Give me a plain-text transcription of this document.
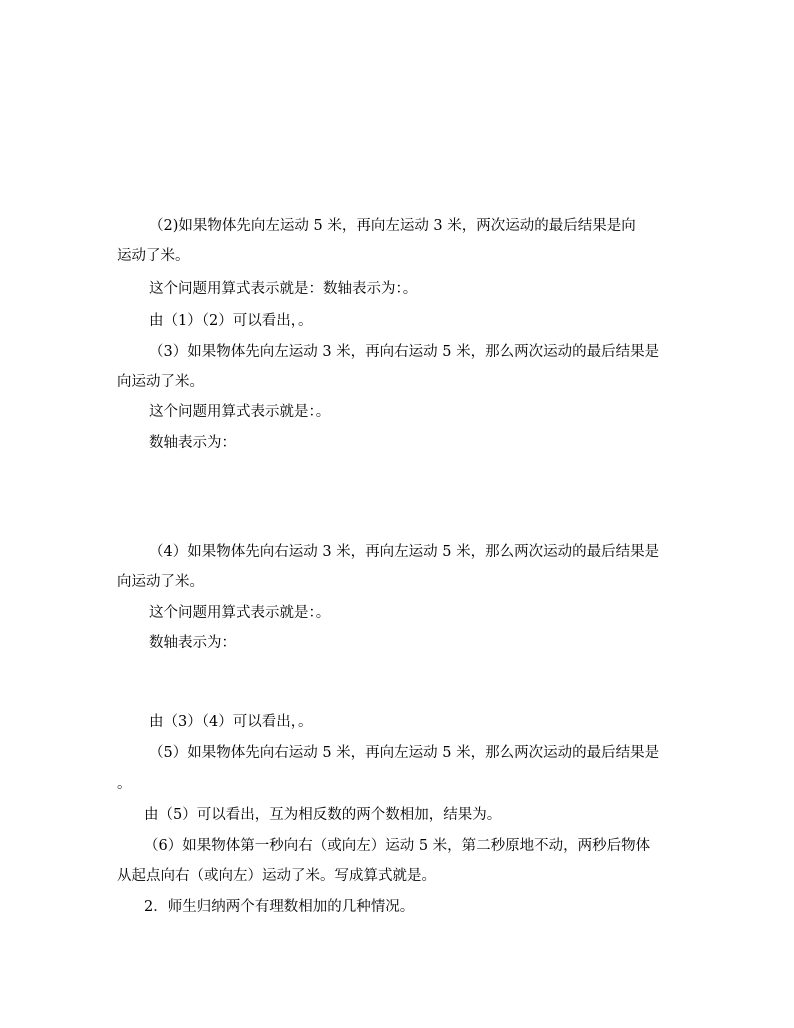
（2)如果物体先向左运动 5 米，再向左运动 3 米，两次运动的最后结果是向
运动了米。
这个问题用算式表示就是：数轴表示为：。
由（1）（2）可以看出，。
（3）如果物体先向左运动 3 米，再向右运动 5 米，那么两次运动的最后结果是
向运动了米。
这个问题用算式表示就是：。
数轴表示为：
（4）如果物体先向右运动 3 米，再向左运动 5 米，那么两次运动的最后结果是
向运动了米。
这个问题用算式表示就是：。
数轴表示为：
由（3）（4）可以看出，。
（5）如果物体先向右运动 5 米，再向左运动 5 米，那么两次运动的最后结果是
。
由（5）可以看出，互为相反数的两个数相加，结果为。
（6）如果物体第一秒向右（或向左）运动 5 米，第二秒原地不动，两秒后物体
从起点向右（或向左）运动了米。写成算式就是。
2．师生归纳两个有理数相加的几种情况。
